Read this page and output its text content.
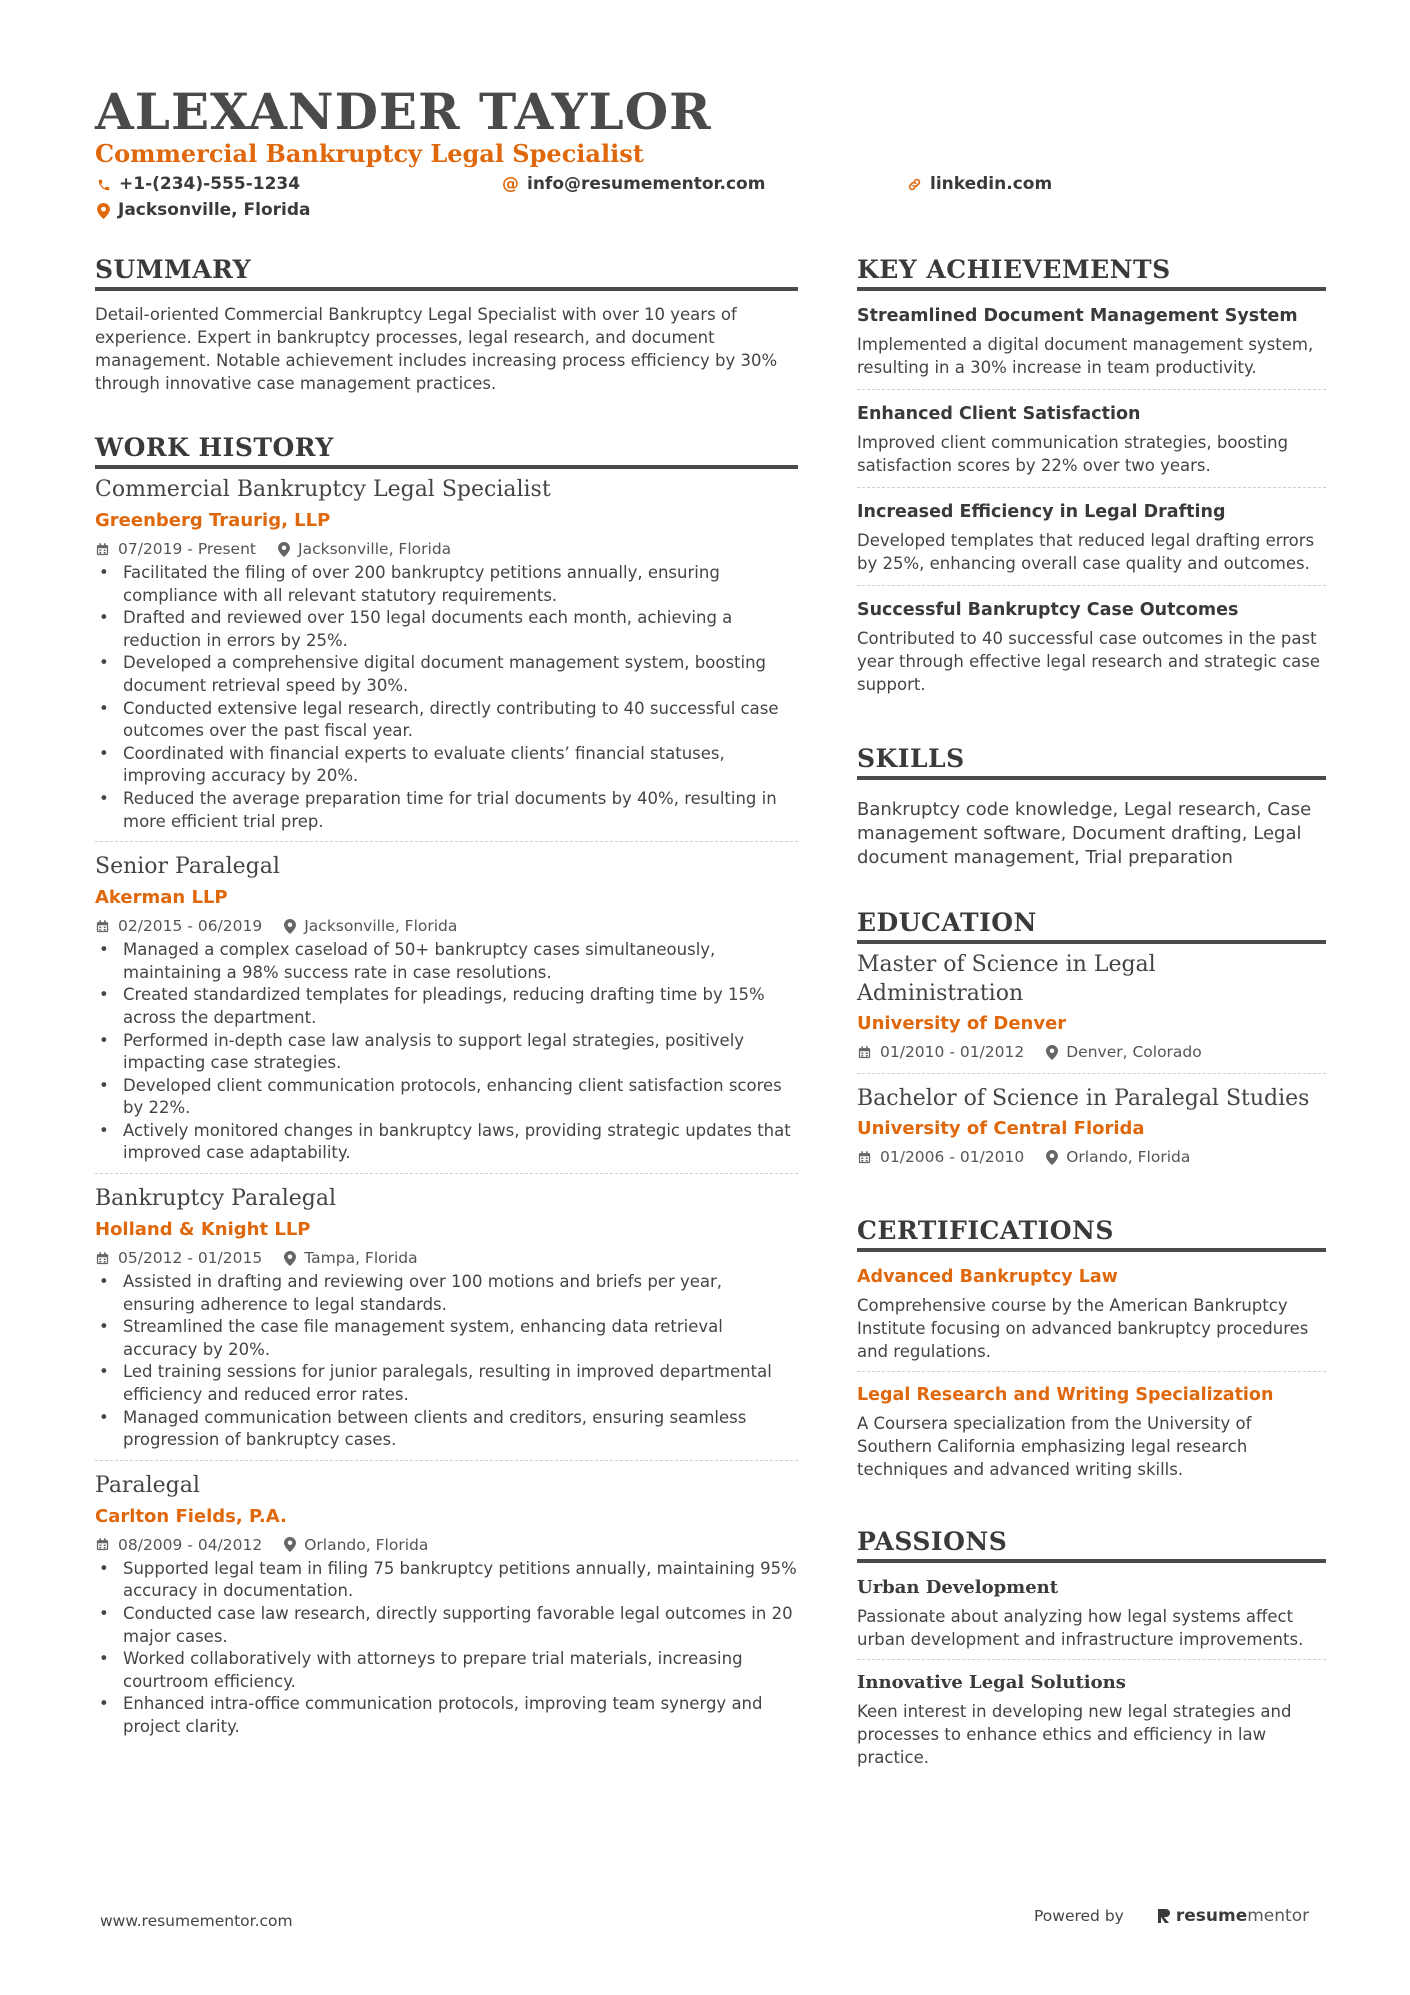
ALEXANDER TAYLOR
Commercial Bankruptcy Legal Specialist
+1-(234)-555-1234	@ info@resumementor.com	linkedin.com
Jacksonville, Florida
SUMMARY
Detail-oriented Commercial Bankruptcy Legal Specialist with over 10 years of experience. Expert in bankruptcy processes, legal research, and document management. Notable achievement includes increasing process efficiency by 30% through innovative case management practices.
WORK HISTORY
Commercial Bankruptcy Legal Specialist
Greenberg Traurig, LLP
07/2019 - Present	Jacksonville, Florida
• Facilitated the filing of over 200 bankruptcy petitions annually, ensuring compliance with all relevant statutory requirements.
• Drafted and reviewed over 150 legal documents each month, achieving a reduction in errors by 25%.
• Developed a comprehensive digital document management system, boosting document retrieval speed by 30%.
• Conducted extensive legal research, directly contributing to 40 successful case outcomes over the past fiscal year.
• Coordinated with financial experts to evaluate clients’ financial statuses, improving accuracy by 20%.
• Reduced the average preparation time for trial documents by 40%, resulting in more efficient trial prep.
Senior Paralegal
Akerman LLP
02/2015 - 06/2019	Jacksonville, Florida
• Managed a complex caseload of 50+ bankruptcy cases simultaneously, maintaining a 98% success rate in case resolutions.
• Created standardized templates for pleadings, reducing drafting time by 15% across the department.
• Performed in-depth case law analysis to support legal strategies, positively impacting case strategies.
• Developed client communication protocols, enhancing client satisfaction scores by 22%.
• Actively monitored changes in bankruptcy laws, providing strategic updates that improved case adaptability.
Bankruptcy Paralegal
Holland & Knight LLP
05/2012 - 01/2015	Tampa, Florida
• Assisted in drafting and reviewing over 100 motions and briefs per year, ensuring adherence to legal standards.
• Streamlined the case file management system, enhancing data retrieval accuracy by 20%.
• Led training sessions for junior paralegals, resulting in improved departmental efficiency and reduced error rates.
• Managed communication between clients and creditors, ensuring seamless progression of bankruptcy cases.
Paralegal
Carlton Fields, P.A.
08/2009 - 04/2012	Orlando, Florida
• Supported legal team in filing 75 bankruptcy petitions annually, maintaining 95% accuracy in documentation.
• Conducted case law research, directly supporting favorable legal outcomes in 20 major cases.
• Worked collaboratively with attorneys to prepare trial materials, increasing courtroom efficiency.
• Enhanced intra-office communication protocols, improving team synergy and project clarity.
KEY ACHIEVEMENTS
Streamlined Document Management System
Implemented a digital document management system, resulting in a 30% increase in team productivity.
Enhanced Client Satisfaction
Improved client communication strategies, boosting satisfaction scores by 22% over two years.
Increased Efficiency in Legal Drafting
Developed templates that reduced legal drafting errors by 25%, enhancing overall case quality and outcomes.
Successful Bankruptcy Case Outcomes
Contributed to 40 successful case outcomes in the past year through effective legal research and strategic case support.
SKILLS
Bankruptcy code knowledge, Legal research, Case management software, Document drafting, Legal document management, Trial preparation
EDUCATION
Master of Science in Legal Administration
University of Denver
01/2010 - 01/2012	Denver, Colorado
Bachelor of Science in Paralegal Studies
University of Central Florida
01/2006 - 01/2010	Orlando, Florida
CERTIFICATIONS
Advanced Bankruptcy Law
Comprehensive course by the American Bankruptcy Institute focusing on advanced bankruptcy procedures and regulations.
Legal Research and Writing Specialization
A Coursera specialization from the University of Southern California emphasizing legal research techniques and advanced writing skills.
PASSIONS
Urban Development
Passionate about analyzing how legal systems affect urban development and infrastructure improvements.
Innovative Legal Solutions
Keen interest in developing new legal strategies and processes to enhance ethics and efficiency in law practice.
www.resumementor.com	Powered by	resume mentor
